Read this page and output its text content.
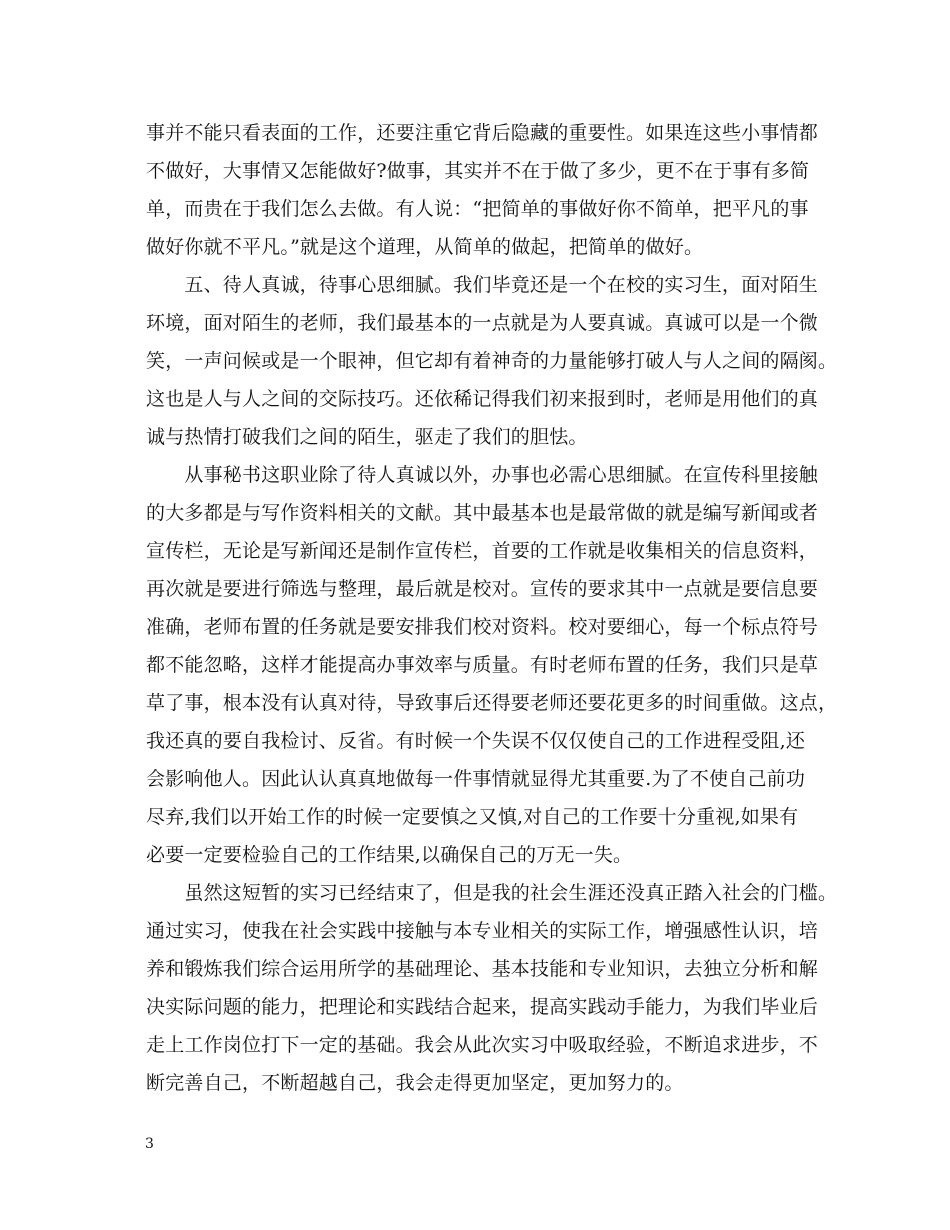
事并不能只看表面的工作，还要注重它背后隐藏的重要性。如果连这些小事情都
不做好，大事情又怎能做好?做事，其实并不在于做了多少，更不在于事有多简
单，而贵在于我们怎么去做。有人说：“把简单的事做好你不简单，把平凡的事
做好你就不平凡。”就是这个道理，从简单的做起，把简单的做好。
　　五、待人真诚，待事心思细腻。我们毕竟还是一个在校的实习生，面对陌生
环境，面对陌生的老师，我们最基本的一点就是为人要真诚。真诚可以是一个微
笑，一声问候或是一个眼神，但它却有着神奇的力量能够打破人与人之间的隔阂。
这也是人与人之间的交际技巧。还依稀记得我们初来报到时，老师是用他们的真
诚与热情打破我们之间的陌生，驱走了我们的胆怯。
　　从事秘书这职业除了待人真诚以外，办事也必需心思细腻。在宣传科里接触
的大多都是与写作资料相关的文献。其中最基本也是最常做的就是编写新闻或者
宣传栏，无论是写新闻还是制作宣传栏，首要的工作就是收集相关的信息资料，
再次就是要进行筛选与整理，最后就是校对。宣传的要求其中一点就是要信息要
准确，老师布置的任务就是要安排我们校对资料。校对要细心，每一个标点符号
都不能忽略，这样才能提高办事效率与质量。有时老师布置的任务，我们只是草
草了事，根本没有认真对待，导致事后还得要老师还要花更多的时间重做。这点，
我还真的要自我检讨、反省。有时候一个失误不仅仅使自己的工作进程受阻,还
会影响他人。因此认认真真地做每一件事情就显得尤其重要.为了不使自己前功
尽弃,我们以开始工作的时候一定要慎之又慎,对自己的工作要十分重视,如果有
必要一定要检验自己的工作结果,以确保自己的万无一失。
　　虽然这短暂的实习已经结束了，但是我的社会生涯还没真正踏入社会的门槛。
通过实习，使我在社会实践中接触与本专业相关的实际工作，增强感性认识，培
养和锻炼我们综合运用所学的基础理论、基本技能和专业知识，去独立分析和解
决实际问题的能力，把理论和实践结合起来，提高实践动手能力，为我们毕业后
走上工作岗位打下一定的基础。我会从此次实习中吸取经验，不断追求进步，不
断完善自己，不断超越自己，我会走得更加坚定，更加努力的。
3
